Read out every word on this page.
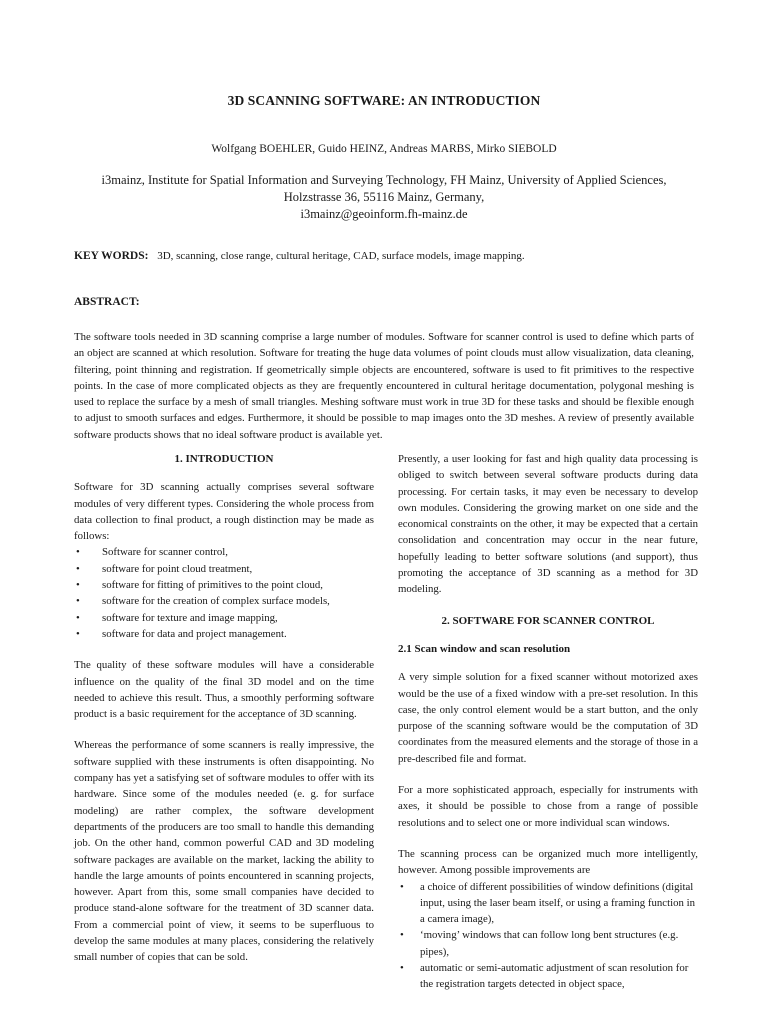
3D SCANNING SOFTWARE: AN INTRODUCTION
Wolfgang BOEHLER, Guido HEINZ, Andreas MARBS, Mirko SIEBOLD
i3mainz, Institute for Spatial Information and Surveying Technology, FH Mainz, University of Applied Sciences,
Holzstrasse 36, 55116 Mainz, Germany,
i3mainz@geoinform.fh-mainz.de
KEY WORDS: 3D, scanning, close range, cultural heritage, CAD, surface models, image mapping.
ABSTRACT:
The software tools needed in 3D scanning comprise a large number of modules. Software for scanner control is used to define which parts of an object are scanned at which resolution. Software for treating the huge data volumes of point clouds must allow visualization, data cleaning, filtering, point thinning and registration. If geometrically simple objects are encountered, software is used to fit primitives to the respective points. In the case of more complicated objects as they are frequently encountered in cultural heritage documentation, polygonal meshing is used to replace the surface by a mesh of small triangles. Meshing software must work in true 3D for these tasks and should be flexible enough to adjust to smooth surfaces and edges. Furthermore, it should be possible to map images onto the 3D meshes. A review of presently available software products shows that no ideal software product is available yet.
1. INTRODUCTION

Software for 3D scanning actually comprises several software modules of very different types. Considering the whole process from data collection to final product, a rough distinction may be made as follows:

• Software for scanner control,
• software for point cloud treatment,
• software for fitting of primitives to the point cloud,
• software for the creation of complex surface models,
• software for texture and image mapping,
• software for data and project management.

The quality of these software modules will have a considerable influence on the quality of the final 3D model and on the time needed to achieve this result. Thus, a smoothly performing software product is a basic requirement for the acceptance of 3D scanning.

Whereas the performance of some scanners is really impressive, the software supplied with these instruments is often disappointing. No company has yet a satisfying set of software modules to offer with its hardware. Since some of the modules needed (e. g. for surface modeling) are rather complex, the software development departments of the producers are too small to handle this demanding job. On the other hand, common powerful CAD and 3D modeling software packages are available on the market, lacking the ability to handle the large amounts of points encountered in scanning projects, however. Apart from this, some small companies have decided to produce stand-alone software for the treatment of 3D scanner data. From a commercial point of view, it seems to be superfluous to develop the same modules at many places, considering the relatively small number of copies that can be sold.

Presently, a user looking for fast and high quality data processing is obliged to switch between several software products during data processing. For certain tasks, it may even be necessary to develop own modules. Considering the growing market on one side and the economical constraints on the other, it may be expected that a certain consolidation and concentration may occur in the near future, hopefully leading to better software solutions (and support), thus promoting the acceptance of 3D scanning as a method for 3D modeling.

2. SOFTWARE FOR SCANNER CONTROL
2.1 Scan window and scan resolution

A very simple solution for a fixed scanner without motorized axes would be the use of a fixed window with a pre-set resolution. In this case, the only control element would be a start button, and the only purpose of the scanning software would be the computation of 3D coordinates from the measured elements and the storage of those in a pre-described file and format.

For a more sophisticated approach, especially for instruments with axes, it should be possible to chose from a range of possible resolutions and to select one or more individual scan windows.

The scanning process can be organized much more intelligently, however. Among possible improvements are

• a choice of different possibilities of window definitions (digital input, using the laser beam itself, or using a framing function in a camera image),
• ‘moving’ windows that can follow long bent structures (e.g. pipes),
• automatic or semi-automatic adjustment of scan resolution for the registration targets detected in object space,
